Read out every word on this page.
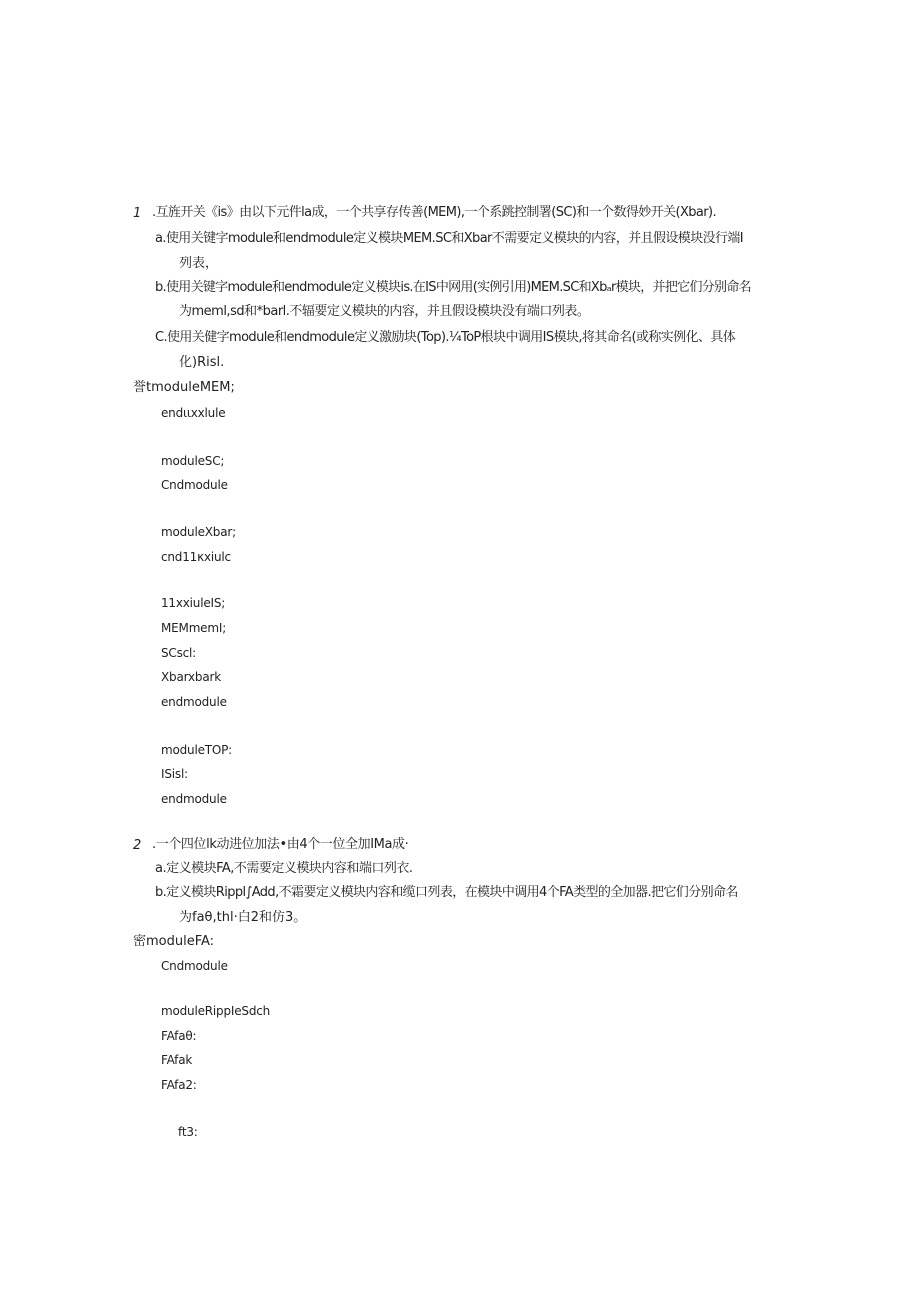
1 .互旌开关《is》由以下元件la成，一个共享存传善(MEM),一个系跳控制署(SC)和一个数得妙开关(Xbar).
a.使用关键字module和endmodule定义模块MEM.SC和Xbar不需要定义模块的内容，并且假设模块没行端I
列表，
b.使用关键字module和endmodule定义模块is.在IS中网用(实例引用)MEM.SC和Xbₐr模块，并把它们分别命名
为meml,sd和*barl.不辐要定义模块的内容，并且假设模块没有端口列表。
C.使用关健字module和endmodule定义激励块(Top).¼ToP根块中调用IS模块,将其命名(或称实例化、具体
化)Risl.
誉tmoduleMEM;
endιιxxlule
moduleSC;
Cndmodule
moduleXbar;
cnd11κxiulc
11xxiuleIS;
MEMmemI;
SCscl:
Xbarxbark
endmodule
moduleTOP:
ISisl:
endmodule
2 .一个四位lk动进位加法•由4个一位全加IMa成·
a.定义模块FA,不需要定义模块内容和端口列衣.
b.定义模块Rippl∫Add,不霜要定义模块内容和缆口列表，在模块中调用4个FA类型的全加器.把它们分别命名
为faθ,thl·白2和仿3。
密moduleFA:
Cndmodule
moduleRippIeSdch
FAfaθ:
FAfak
FAfa2:
ft3:
